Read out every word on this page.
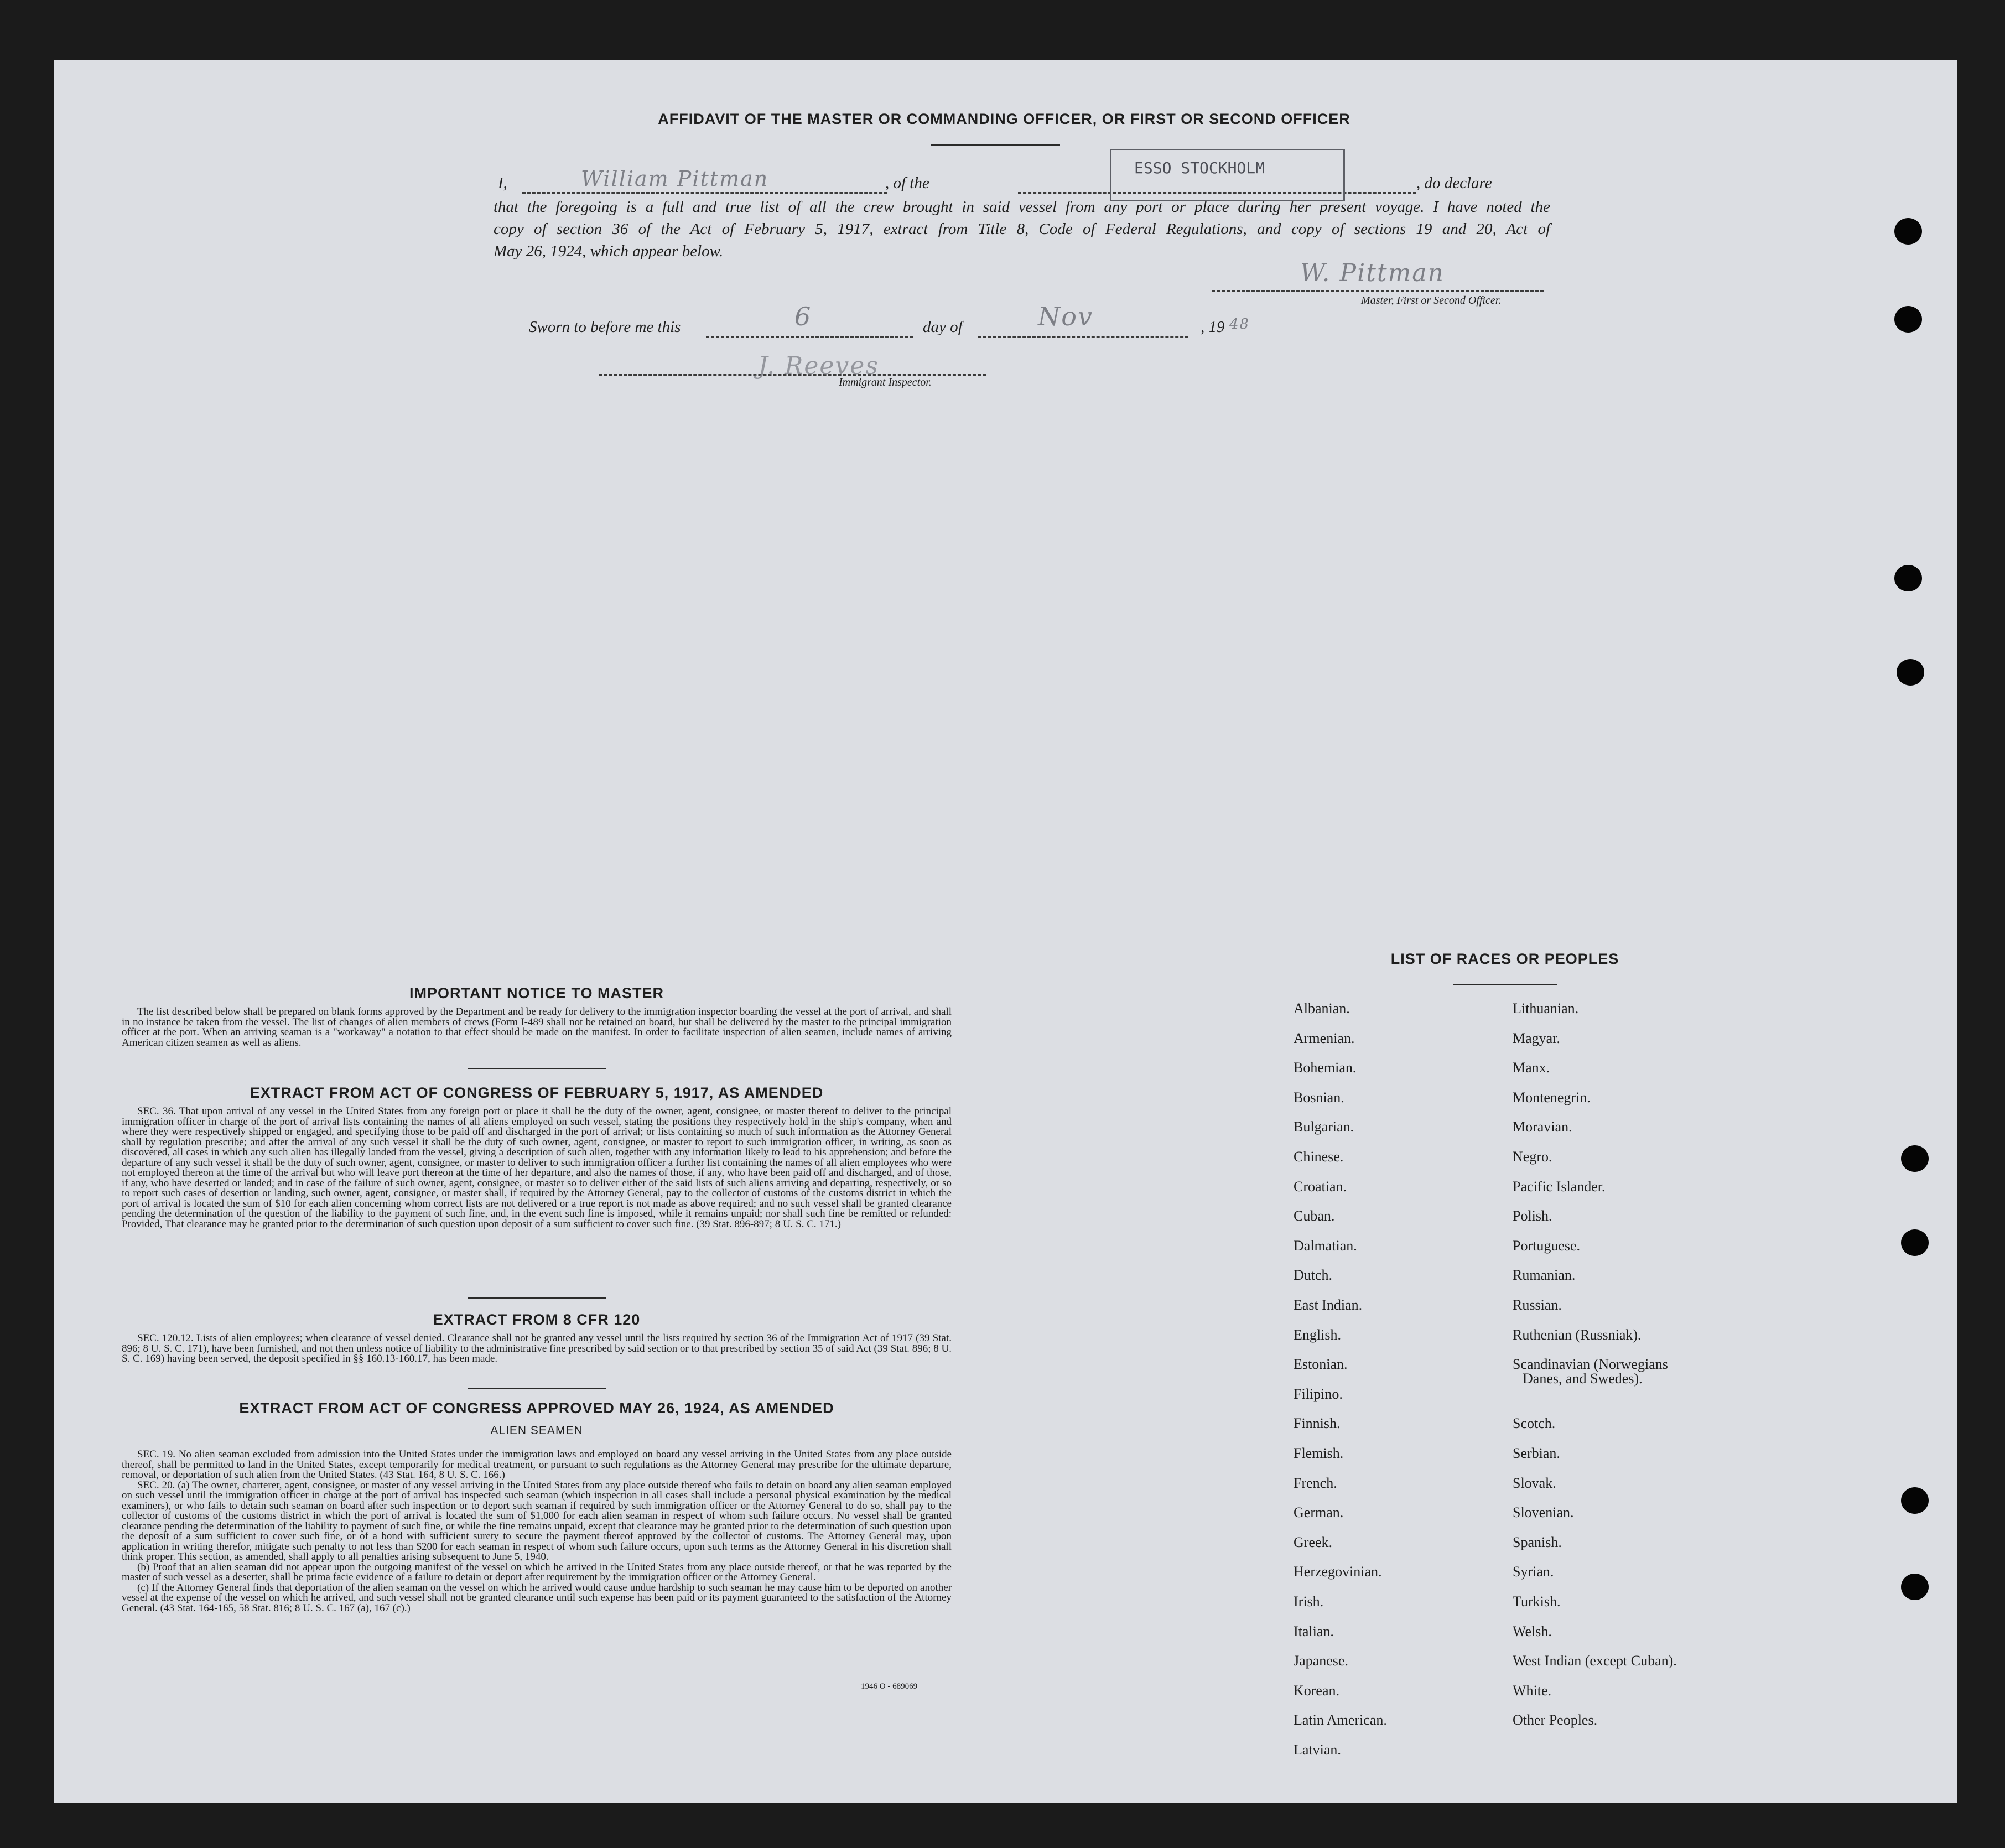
AFFIDAVIT OF THE MASTER OR COMMANDING OFFICER, OR FIRST OR SECOND OFFICER
I,	William Pittman	, of the
ESSO STOCKHOLM
, do declare
that the foregoing is a full and true list of all the crew brought in said vessel from any port or place during her present voyage. I have noted the
copy of section 36 of the Act of February 5, 1917, extract from Title 8, Code of Federal Regulations, and copy of sections 19 and 20, Act of
May 26, 1924, which appear below.
W. Pittman
Master, First or Second Officer.
Sworn to before me this	6	day of	Nov	, 19 48
J. Reeves
Immigrant Inspector.
IMPORTANT NOTICE TO MASTER

The list described below shall be prepared on blank forms approved by the Department and be ready for delivery to the immigration inspector boarding the vessel at the port of arrival, and shall in no instance be taken from the vessel. The list of changes of alien members of crews (Form I-489 shall not be retained on board, but shall be delivered by the master to the principal immigration officer at the port. When an arriving seaman is a "workaway" a notation to that effect should be made on the manifest. In order to facilitate inspection of alien seamen, include names of arriving American citizen seamen as well as aliens.

EXTRACT FROM ACT OF CONGRESS OF FEBRUARY 5, 1917, AS AMENDED

SEC. 36. That upon arrival of any vessel in the United States from any foreign port or place it shall be the duty of the owner, agent, consignee, or master thereof to deliver to the principal immigration officer in charge of the port of arrival lists containing the names of all aliens employed on such vessel, stating the positions they respectively hold in the ship's company, when and where they were respectively shipped or engaged, and specifying those to be paid off and discharged in the port of arrival; or lists containing so much of such information as the Attorney General shall by regulation prescribe; and after the arrival of any such vessel it shall be the duty of such owner, agent, consignee, or master to report to such immigration officer, in writing, as soon as discovered, all cases in which any such alien has illegally landed from the vessel, giving a description of such alien, together with any information likely to lead to his apprehension; and before the departure of any such vessel it shall be the duty of such owner, agent, consignee, or master to deliver to such immigration officer a further list containing the names of all alien employees who were not employed thereon at the time of the arrival but who will leave port thereon at the time of her departure, and also the names of those, if any, who have been paid off and discharged, and of those, if any, who have deserted or landed; and in case of the failure of such owner, agent, consignee, or master so to deliver either of the said lists of such aliens arriving and departing, respectively, or so to report such cases of desertion or landing, such owner, agent, consignee, or master shall, if required by the Attorney General, pay to the collector of customs of the customs district in which the port of arrival is located the sum of $10 for each alien concerning whom correct lists are not delivered or a true report is not made as above required; and no such vessel shall be granted clearance pending the determination of the question of the liability to the payment of such fine, and, in the event such fine is imposed, while it remains unpaid; nor shall such fine be remitted or refunded: Provided, That clearance may be granted prior to the determination of such question upon deposit of a sum sufficient to cover such fine. (39 Stat. 896-897; 8 U. S. C. 171.)

EXTRACT FROM 8 CFR 120

SEC. 120.12. Lists of alien employees; when clearance of vessel denied. Clearance shall not be granted any vessel until the lists required by section 36 of the Immigration Act of 1917 (39 Stat. 896; 8 U. S. C. 171), have been furnished, and not then unless notice of liability to the administrative fine prescribed by said section or to that prescribed by section 35 of said Act (39 Stat. 896; 8 U. S. C. 169) having been served, the deposit specified in §§ 160.13-160.17, has been made.

EXTRACT FROM ACT OF CONGRESS APPROVED MAY 26, 1924, AS AMENDED
ALIEN SEAMEN

SEC. 19. No alien seaman excluded from admission into the United States under the immigration laws and employed on board any vessel arriving in the United States from any place outside thereof, shall be permitted to land in the United States, except temporarily for medical treatment, or pursuant to such regulations as the Attorney General may prescribe for the ultimate departure, removal, or deportation of such alien from the United States. (43 Stat. 164, 8 U. S. C. 166.)

SEC. 20. (a) The owner, charterer, agent, consignee, or master of any vessel arriving in the United States from any place outside thereof who fails to detain on board any alien seaman employed on such vessel until the immigration officer in charge at the port of arrival has inspected such seaman (which inspection in all cases shall include a personal physical examination by the medical examiners), or who fails to detain such seaman on board after such inspection or to deport such seaman if required by such immigration officer or the Attorney General to do so, shall pay to the collector of customs of the customs district in which the port of arrival is located the sum of $1,000 for each alien seaman in respect of whom such failure occurs. No vessel shall be granted clearance pending the determination of the liability to payment of such fine, or while the fine remains unpaid, except that clearance may be granted prior to the determination of such question upon the deposit of a sum sufficient to cover such fine, or of a bond with sufficient surety to secure the payment thereof approved by the collector of customs. The Attorney General may, upon application in writing therefor, mitigate such penalty to not less than $200 for each seaman in respect of whom such failure occurs, upon such terms as the Attorney General in his discretion shall think proper. This section, as amended, shall apply to all penalties arising subsequent to June 5, 1940.

(b) Proof that an alien seaman did not appear upon the outgoing manifest of the vessel on which he arrived in the United States from any place outside thereof, or that he was reported by the master of such vessel as a deserter, shall be prima facie evidence of a failure to detain or deport after requirement by the immigration officer or the Attorney General.

(c) If the Attorney General finds that deportation of the alien seaman on the vessel on which he arrived would cause undue hardship to such seaman he may cause him to be deported on another vessel at the expense of the vessel on which he arrived, and such vessel shall not be granted clearance until such expense has been paid or its payment guaranteed to the satisfaction of the Attorney General. (43 Stat. 164-165, 58 Stat. 816; 8 U. S. C. 167 (a), 167 (c).)

1946 O - 689069
LIST OF RACES OR PEOPLES
Albanian.
Armenian.
Bohemian.
Bosnian.
Bulgarian.
Chinese.
Croatian.
Cuban.
Dalmatian.
Dutch.
East Indian.
English.
Estonian.
Filipino.
Finnish.
Flemish.
French.
German.
Greek.
Herzegovinian.
Irish.
Italian.
Japanese.
Korean.
Latin American.
Latvian.
Lithuanian.
Magyar.
Manx.
Montenegrin.
Moravian.
Negro.
Pacific Islander.
Polish.
Portuguese.
Rumanian.
Russian.
Ruthenian (Russniak).
Scandinavian (Norwegians
Danes, and Swedes).
Scotch.
Serbian.
Slovak.
Slovenian.
Spanish.
Syrian.
Turkish.
Welsh.
West Indian (except Cuban).
White.
Other Peoples.
